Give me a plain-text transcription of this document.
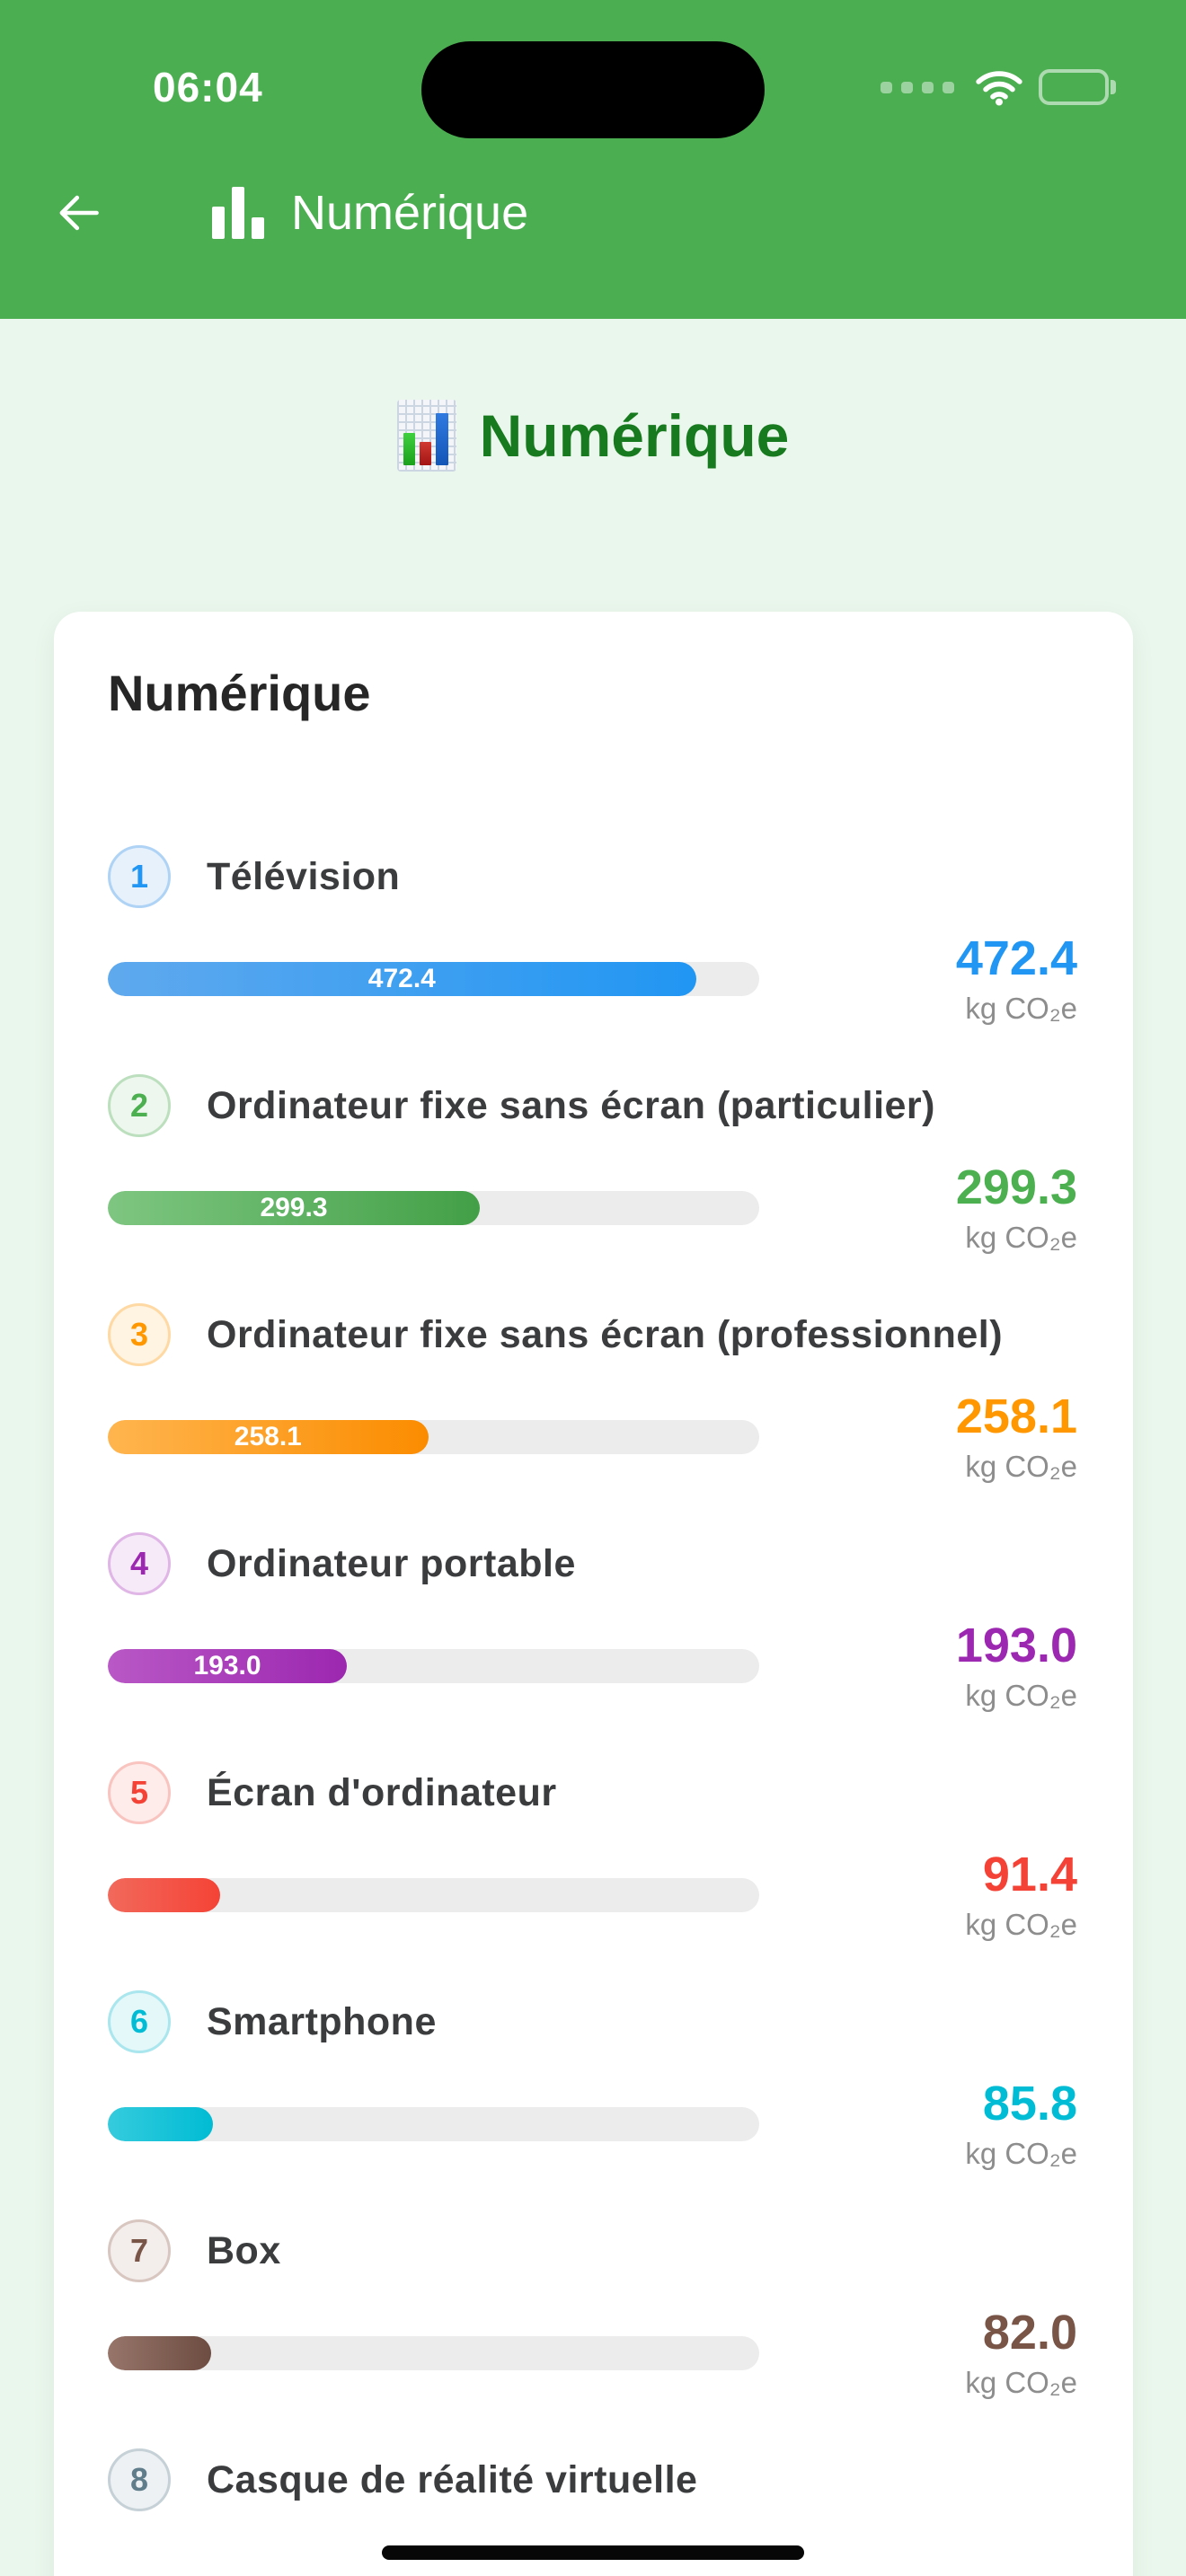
06:04
Numérique
Numérique
Numérique
1 Télévision
472.4	472.4
kg CO₂e
2 Ordinateur fixe sans écran (particulier)
299.3	299.3
kg CO₂e
3 Ordinateur fixe sans écran (professionnel)
258.1	258.1
kg CO₂e
4 Ordinateur portable
193.0	193.0
kg CO₂e
5 Écran d'ordinateur
91.4
kg CO₂e
6 Smartphone
85.8
kg CO₂e
7 Box
82.0
kg CO₂e
8 Casque de réalité virtuelle
